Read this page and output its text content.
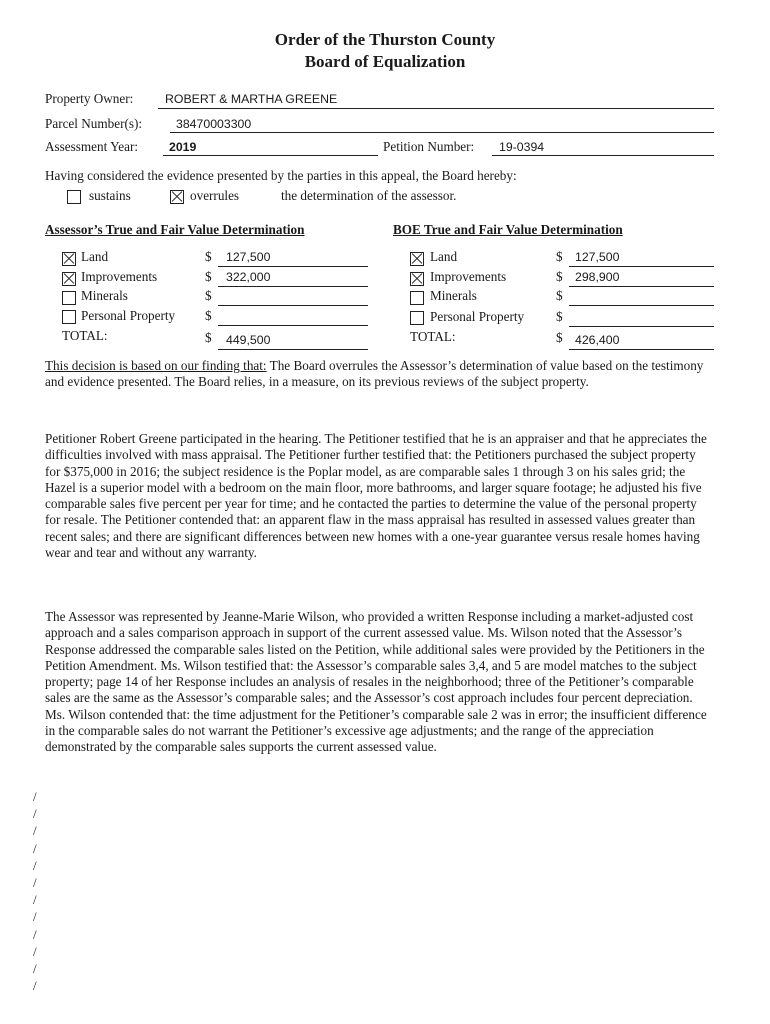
Order of the Thurston County
Board of Equalization
Property Owner:	ROBERT & MARTHA GREENE
Parcel Number(s):	38470003300
Assessment Year:	2019	Petition Number: 19-0394
Having considered the evidence presented by the parties in this appeal, the Board hereby:
sustains	overrules	the determination of the assessor.
Assessor’s True and Fair Value Determination	BOE True and Fair Value Determination
Land	$ 127,500
Improvements	$ 322,000
Minerals	$
Personal Property $
TOTAL:	$ 449,500
Land	$ 127,500
Improvements	$ 298,900
Minerals	$
Personal Property $
TOTAL:	$ 426,400
This decision is based on our finding that: The Board overrules the Assessor’s determination of value based on the testimony and evidence presented. The Board relies, in a measure, on its previous reviews of the subject property.
Petitioner Robert Greene participated in the hearing. The Petitioner testified that he is an appraiser and that he appreciates the difficulties involved with mass appraisal. The Petitioner further testified that: the Petitioners purchased the subject property for $375,000 in 2016; the subject residence is the Poplar model, as are comparable sales 1 through 3 on his sales grid; the Hazel is a superior model with a bedroom on the main floor, more bathrooms, and larger square footage; he adjusted his five comparable sales five percent per year for time; and he contacted the parties to determine the value of the personal property for resale. The Petitioner contended that: an apparent flaw in the mass appraisal has resulted in assessed values greater than recent sales; and there are significant differences between new homes with a one-year guarantee versus resale homes having wear and tear and without any warranty.
The Assessor was represented by Jeanne-Marie Wilson, who provided a written Response including a market-adjusted cost approach and a sales comparison approach in support of the current assessed value. Ms. Wilson noted that the Assessor’s Response addressed the comparable sales listed on the Petition, while additional sales were provided by the Petitioners in the Petition Amendment. Ms. Wilson testified that: the Assessor’s comparable sales 3,4, and 5 are model matches to the subject property; page 14 of her Response includes an analysis of resales in the neighborhood; three of the Petitioner’s comparable sales are the same as the Assessor’s comparable sales; and the Assessor’s cost approach includes four percent depreciation. Ms. Wilson contended that: the time adjustment for the Petitioner’s comparable sale 2 was in error; the insufficient difference in the comparable sales do not warrant the Petitioner’s excessive age adjustments; and the range of the appreciation demonstrated by the comparable sales supports the current assessed value.
/
/
/
/
/
/
/
/
/
/
/
/
